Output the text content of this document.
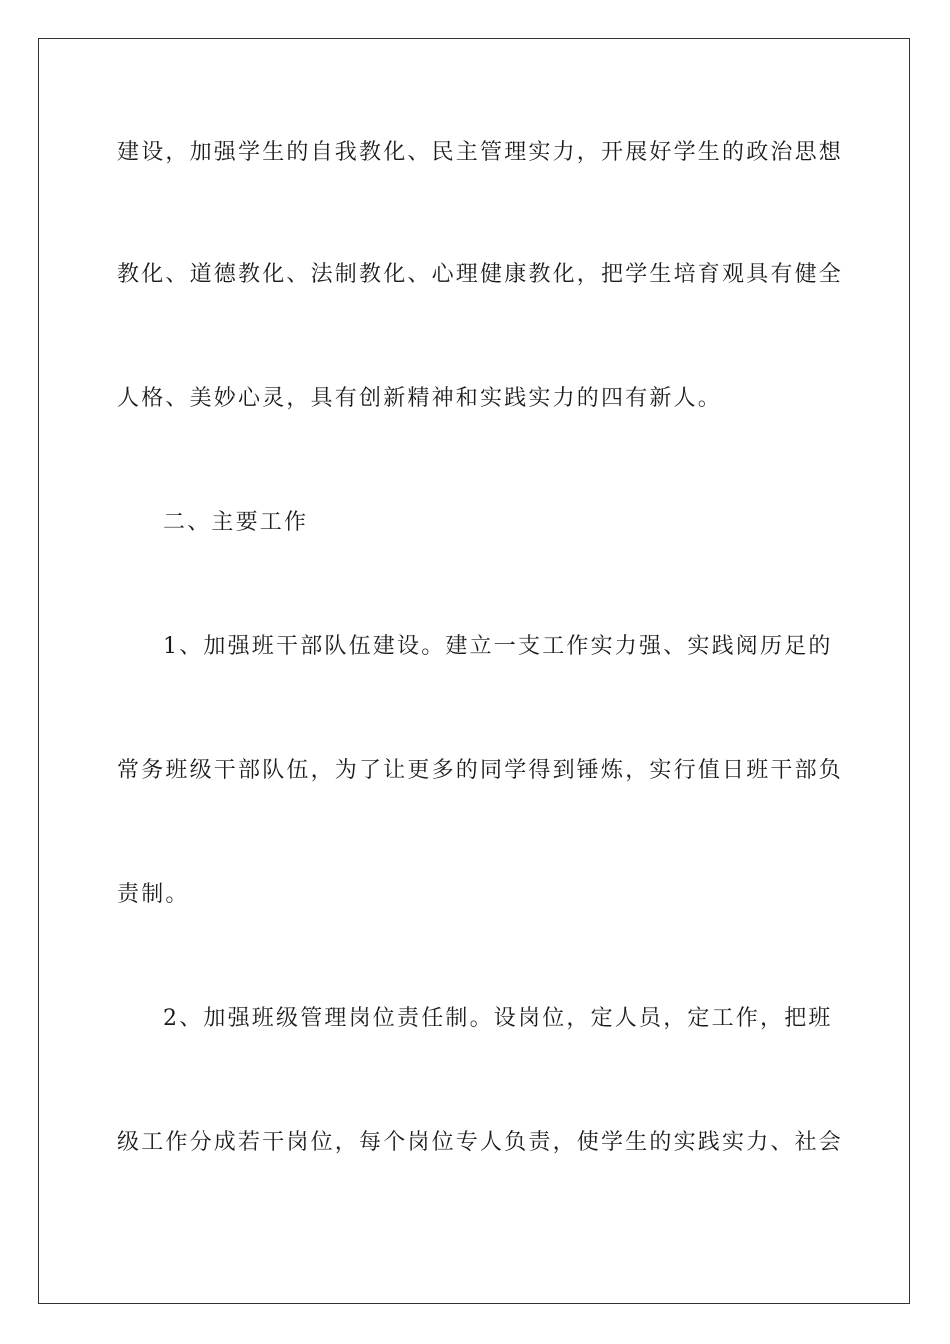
建设，加强学生的自我教化、民主管理实力，开展好学生的政治思想
教化、道德教化、法制教化、心理健康教化，把学生培育观具有健全
人格、美妙心灵，具有创新精神和实践实力的四有新人。
二、主要工作
1、加强班干部队伍建设。建立一支工作实力强、实践阅历足的
常务班级干部队伍，为了让更多的同学得到锤炼，实行值日班干部负
责制。
2、加强班级管理岗位责任制。设岗位，定人员，定工作，把班
级工作分成若干岗位，每个岗位专人负责，使学生的实践实力、社会
